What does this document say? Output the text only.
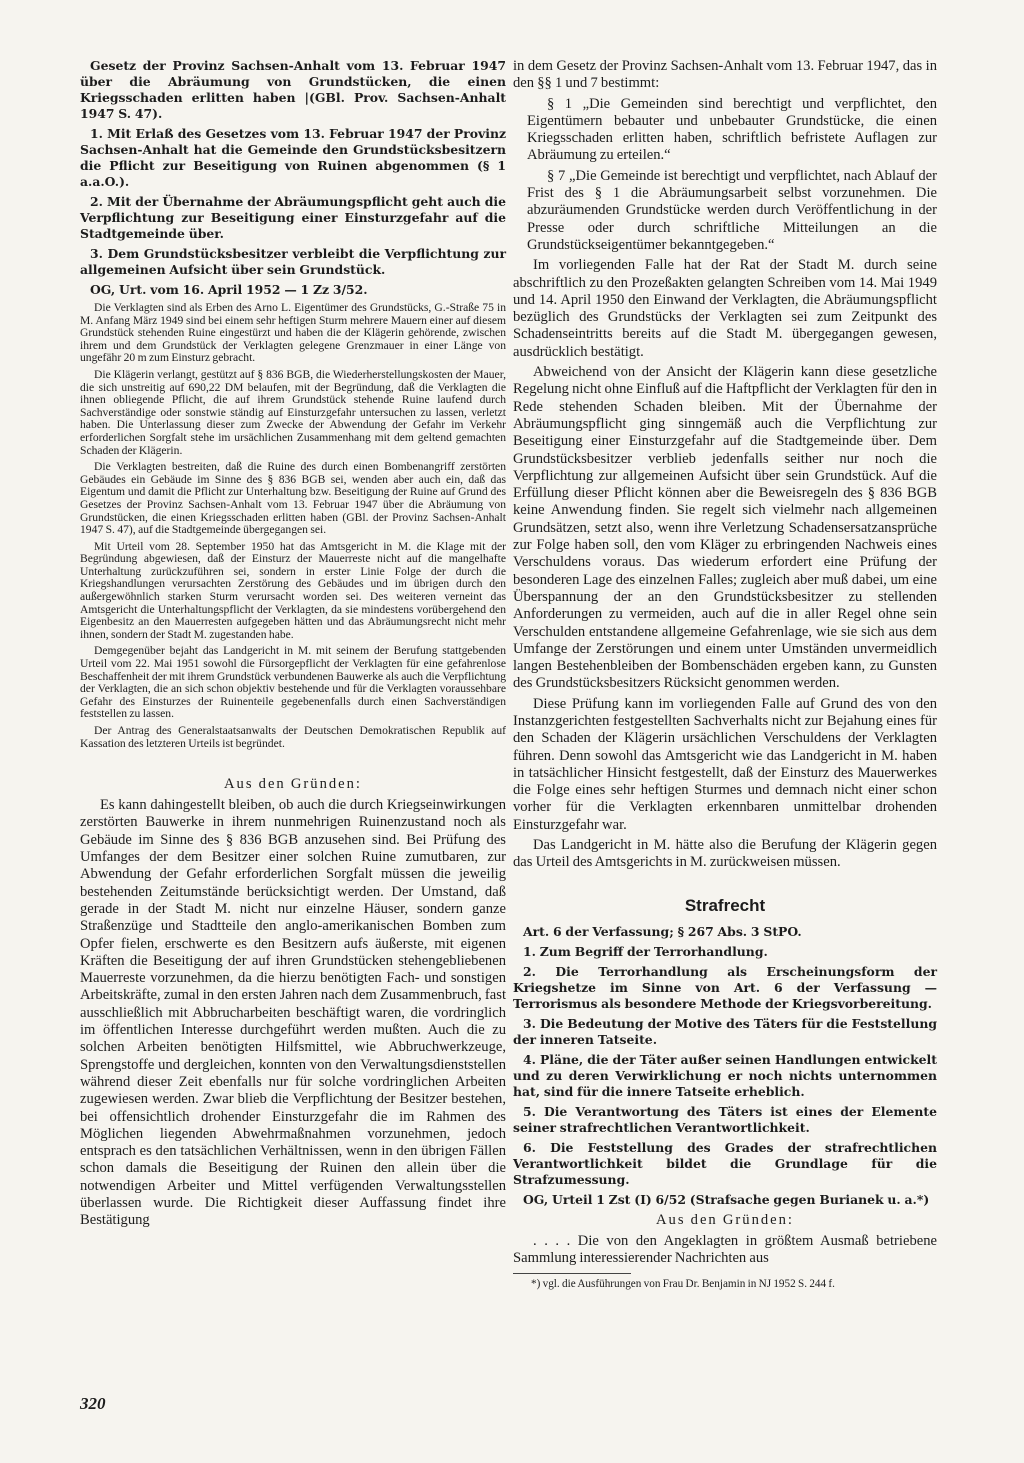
Gesetz der Provinz Sachsen-Anhalt vom 13. Februar 1947 über die Abräumung von Grundstücken, die einen Kriegsschaden erlitten haben |(GBl. Prov. Sachsen-Anhalt 1947 S. 47).

1. Mit Erlaß des Gesetzes vom 13. Februar 1947 der Provinz Sachsen-Anhalt hat die Gemeinde den Grundstücksbesitzern die Pflicht zur Beseitigung von Ruinen abgenommen (§ 1 a.a.O.).

2. Mit der Übernahme der Abräumungspflicht geht auch die Verpflichtung zur Beseitigung einer Einsturzgefahr auf die Stadtgemeinde über.

3. Dem Grundstücksbesitzer verbleibt die Verpflichtung zur allgemeinen Aufsicht über sein Grundstück.

OG, Urt. vom 16. April 1952 — 1 Zz 3/52.

Die Verklagten sind als Erben des Arno L. Eigentümer des Grundstücks, G.-Straße 75 in M. Anfang März 1949 sind bei einem sehr heftigen Sturm mehrere Mauern einer auf diesem Grundstück stehenden Ruine eingestürzt und haben die der Klägerin gehörende, zwischen ihrem und dem Grundstück der Verklagten gelegene Grenzmauer in einer Länge von ungefähr 20 m zum Einsturz gebracht.

Die Klägerin verlangt, gestützt auf § 836 BGB, die Wiederherstellungskosten der Mauer, die sich unstreitig auf 690,22 DM belaufen, mit der Begründung, daß die Verklagten die ihnen obliegende Pflicht, die auf ihrem Grundstück stehende Ruine laufend durch Sachverständige oder sonstwie ständig auf Einsturzgefahr untersuchen zu lassen, verletzt haben. Die Unterlassung dieser zum Zwecke der Abwendung der Gefahr im Verkehr erforderlichen Sorgfalt stehe im ursächlichen Zusammenhang mit dem geltend gemachten Schaden der Klägerin.

Die Verklagten bestreiten, daß die Ruine des durch einen Bombenangriff zerstörten Gebäudes ein Gebäude im Sinne des § 836 BGB sei, wenden aber auch ein, daß das Eigentum und damit die Pflicht zur Unterhaltung bzw. Beseitigung der Ruine auf Grund des Gesetzes der Provinz Sachsen-Anhalt vom 13. Februar 1947 über die Abräumung von Grundstücken, die einen Kriegsschaden erlitten haben (GBl. der Provinz Sachsen-Anhalt 1947 S. 47), auf die Stadtgemeinde übergegangen sei.

Mit Urteil vom 28. September 1950 hat das Amtsgericht in M. die Klage mit der Begründung abgewiesen, daß der Einsturz der Mauerreste nicht auf die mangelhafte Unterhaltung zurückzuführen sei, sondern in erster Linie Folge der durch die Kriegshandlungen verursachten Zerstörung des Gebäudes und im übrigen durch den außergewöhnlich starken Sturm verursacht worden sei. Des weiteren verneint das Amtsgericht die Unterhaltungspflicht der Verklagten, da sie mindestens vorübergehend den Eigenbesitz an den Mauerresten aufgegeben hätten und das Abräumungsrecht nicht mehr ihnen, sondern der Stadt M. zugestanden habe.

Demgegenüber bejaht das Landgericht in M. mit seinem der Berufung stattgebenden Urteil vom 22. Mai 1951 sowohl die Fürsorgepflicht der Verklagten für eine gefahrenlose Beschaffenheit der mit ihrem Grundstück verbundenen Bauwerke als auch die Verpflichtung der Verklagten, die an sich schon objektiv bestehende und für die Verklagten voraussehbare Gefahr des Einsturzes der Ruinenteile gegebenenfalls durch einen Sachverständigen feststellen zu lassen.

Der Antrag des Generalstaatsanwalts der Deutschen Demokratischen Republik auf Kassation des letzteren Urteils ist begründet.

Aus den Gründen:

Es kann dahingestellt bleiben, ob auch die durch Kriegseinwirkungen zerstörten Bauwerke in ihrem nunmehrigen Ruinenzustand noch als Gebäude im Sinne des § 836 BGB anzusehen sind. Bei Prüfung des Umfanges der dem Besitzer einer solchen Ruine zumutbaren, zur Abwendung der Gefahr erforderlichen Sorgfalt müssen die jeweilig bestehenden Zeitumstände berücksichtigt werden. Der Umstand, daß gerade in der Stadt M. nicht nur einzelne Häuser, sondern ganze Straßenzüge und Stadtteile den anglo-amerikanischen Bomben zum Opfer fielen, erschwerte es den Besitzern aufs äußerste, mit eigenen Kräften die Beseitigung der auf ihren Grundstücken stehengebliebenen Mauerreste vorzunehmen, da die hierzu benötigten Fach- und sonstigen Arbeitskräfte, zumal in den ersten Jahren nach dem Zusammenbruch, fast ausschließlich mit Abbrucharbeiten beschäftigt waren, die vordringlich im öffentlichen Interesse durchgeführt werden mußten. Auch die zu solchen Arbeiten benötigten Hilfsmittel, wie Abbruchwerkzeuge, Sprengstoffe und dergleichen, konnten von den Verwaltungsdienststellen während dieser Zeit ebenfalls nur für solche vordringlichen Arbeiten zugewiesen werden. Zwar blieb die Verpflichtung der Besitzer bestehen, bei offensichtlich drohender Einsturzgefahr die im Rahmen des Möglichen liegenden Abwehrmaßnahmen vorzunehmen, jedoch entsprach es den tatsächlichen Verhältnissen, wenn in den übrigen Fällen schon damals die Beseitigung der Ruinen den allein über die notwendigen Arbeiter und Mittel verfügenden Verwaltungsstellen überlassen wurde. Die Richtigkeit dieser Auffassung findet ihre Bestätigung

in dem Gesetz der Provinz Sachsen-Anhalt vom 13. Februar 1947, das in den §§ 1 und 7 bestimmt:

§ 1 „Die Gemeinden sind berechtigt und verpflichtet, den Eigentümern bebauter und unbebauter Grundstücke, die einen Kriegsschaden erlitten haben, schriftlich befristete Auflagen zur Abräumung zu erteilen.“

§ 7 „Die Gemeinde ist berechtigt und verpflichtet, nach Ablauf der Frist des § 1 die Abräumungsarbeit selbst vorzunehmen. Die abzuräumenden Grundstücke werden durch Veröffentlichung in der Presse oder durch schriftliche Mitteilungen an die Grundstückseigentümer bekanntgegeben.“

Im vorliegenden Falle hat der Rat der Stadt M. durch seine abschriftlich zu den Prozeßakten gelangten Schreiben vom 14. Mai 1949 und 14. April 1950 den Einwand der Verklagten, die Abräumungspflicht bezüglich des Grundstücks der Verklagten sei zum Zeitpunkt des Schadenseintritts bereits auf die Stadt M. übergegangen gewesen, ausdrücklich bestätigt.

Abweichend von der Ansicht der Klägerin kann diese gesetzliche Regelung nicht ohne Einfluß auf die Haftpflicht der Verklagten für den in Rede stehenden Schaden bleiben. Mit der Übernahme der Abräumungspflicht ging sinngemäß auch die Verpflichtung zur Beseitigung einer Einsturzgefahr auf die Stadtgemeinde über. Dem Grundstücksbesitzer verblieb jedenfalls seither nur noch die Verpflichtung zur allgemeinen Aufsicht über sein Grundstück. Auf die Erfüllung dieser Pflicht können aber die Beweisregeln des § 836 BGB keine Anwendung finden. Sie regelt sich vielmehr nach allgemeinen Grundsätzen, setzt also, wenn ihre Verletzung Schadensersatzansprüche zur Folge haben soll, den vom Kläger zu erbringenden Nachweis eines Verschuldens voraus. Das wiederum erfordert eine Prüfung der besonderen Lage des einzelnen Falles; zugleich aber muß dabei, um eine Überspannung der an den Grundstücksbesitzer zu stellenden Anforderungen zu vermeiden, auch auf die in aller Regel ohne sein Verschulden entstandene allgemeine Gefahrenlage, wie sie sich aus dem Umfange der Zerstörungen und einem unter Umständen unvermeidlich langen Bestehenbleiben der Bombenschäden ergeben kann, zu Gunsten des Grundstücksbesitzers Rücksicht genommen werden.

Diese Prüfung kann im vorliegenden Falle auf Grund des von den Instanzgerichten festgestellten Sachverhalts nicht zur Bejahung eines für den Schaden der Klägerin ursächlichen Verschuldens der Verklagten führen. Denn sowohl das Amtsgericht wie das Landgericht in M. haben in tatsächlicher Hinsicht festgestellt, daß der Einsturz des Mauerwerkes die Folge eines sehr heftigen Sturmes und demnach nicht einer schon vorher für die Verklagten erkennbaren unmittelbar drohenden Einsturzgefahr war.

Das Landgericht in M. hätte also die Berufung der Klägerin gegen das Urteil des Amtsgerichts in M. zurückweisen müssen.

Strafrecht

Art. 6 der Verfassung; § 267 Abs. 3 StPO.

1. Zum Begriff der Terrorhandlung.

2. Die Terrorhandlung als Erscheinungsform der Kriegshetze im Sinne von Art. 6 der Verfassung — Terrorismus als besondere Methode der Kriegsvorbereitung.

3. Die Bedeutung der Motive des Täters für die Feststellung der inneren Tatseite.

4. Pläne, die der Täter außer seinen Handlungen entwickelt und zu deren Verwirklichung er noch nichts unternommen hat, sind für die innere Tatseite erheblich.

5. Die Verantwortung des Täters ist eines der Elemente seiner strafrechtlichen Verantwortlichkeit.

6. Die Feststellung des Grades der strafrechtlichen Verantwortlichkeit bildet die Grundlage für die Strafzumessung.

OG, Urteil 1 Zst (I) 6/52 (Strafsache gegen Burianek u. a.*)

Aus den Gründen:

. . . . Die von den Angeklagten in größtem Ausmaß betriebene Sammlung interessierender Nachrichten aus

*) vgl. die Ausführungen von Frau Dr. Benjamin in NJ 1952 S. 244 f.

320
